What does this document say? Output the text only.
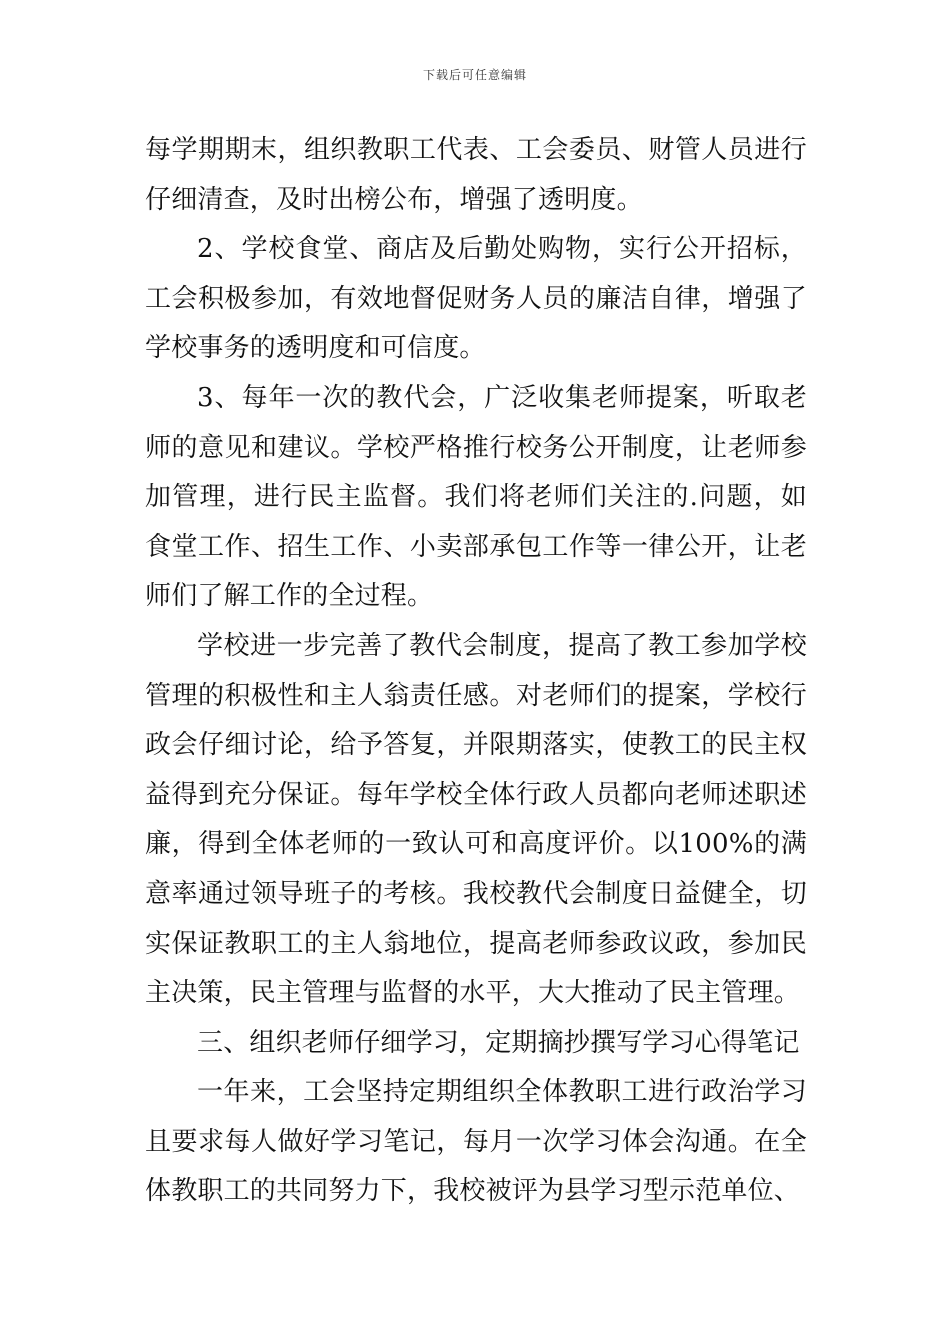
下载后可任意编辑

每学期期末，组织教职工代表、工会委员、财管人员进行仔细清查，及时出榜公布，增强了透明度。

2、学校食堂、商店及后勤处购物，实行公开招标，工会积极参加，有效地督促财务人员的廉洁自律，增强了学校事务的透明度和可信度。

3、每年一次的教代会，广泛收集老师提案，听取老师的意见和建议。学校严格推行校务公开制度，让老师参加管理，进行民主监督。我们将老师们关注的.问题，如食堂工作、招生工作、小卖部承包工作等一律公开，让老师们了解工作的全过程。

学校进一步完善了教代会制度，提高了教工参加学校管理的积极性和主人翁责任感。对老师们的提案，学校行政会仔细讨论，给予答复，并限期落实，使教工的民主权益得到充分保证。每年学校全体行政人员都向老师述职述廉，得到全体老师的一致认可和高度评价。以100%的满意率通过领导班子的考核。我校教代会制度日益健全，切实保证教职工的主人翁地位，提高老师参政议政，参加民主决策，民主管理与监督的水平，大大推动了民主管理。

三、组织老师仔细学习，定期摘抄撰写学习心得笔记

一年来，工会坚持定期组织全体教职工进行政治学习且要求每人做好学习笔记，每月一次学习体会沟通。在全体教职工的共同努力下，我校被评为县学习型示范单位、
